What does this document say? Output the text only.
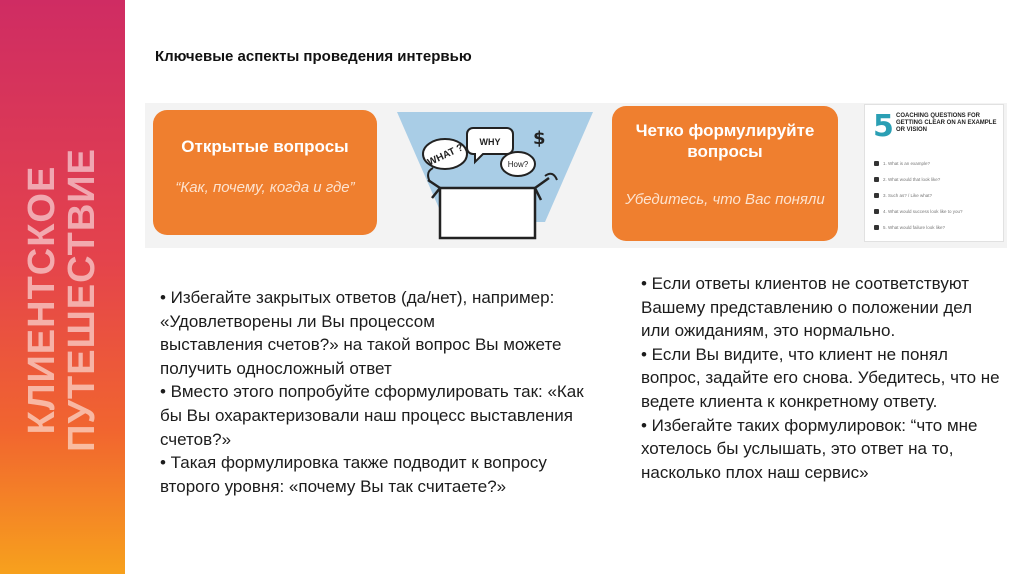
КЛИЕНТСКОЕ
ПУТЕШЕСТВИЕ
Ключевые аспекты проведения интервью
Открытые вопросы
“Как, почему, когда и где”
WHAT ?
WHY
How?
$	Четко формулируйте вопросы
Убедитесь, что Вас поняли
5 COACHING QUESTIONS FOR GETTING CLEAR ON AN EXAMPLE OR VISION
1. What is an example?
2. What would that look like?
3. Such as? / Like what?
4. What would success look like to you?
5. What would failure look like?
• Избегайте закрытых ответов (да/нет), например: «Удовлетворены ли Вы процессом
выставления счетов?» на такой вопрос Вы можете получить односложный ответ
• Вместо этого попробуйте сформулировать так: «Как бы Вы охарактеризовали наш процесс выставления счетов?»
• Такая формулировка также подводит к вопросу второго уровня: «почему Вы так считаете?»
• Если ответы клиентов не соответствуют Вашему представлению о положении дел или ожиданиям, это нормально.
• Если Вы видите, что клиент не понял вопрос, задайте его снова. Убедитесь, что не ведете клиента к конкретному ответу.
• Избегайте таких формулировок: “что мне хотелось бы услышать, это ответ на то, насколько плох наш сервис»
